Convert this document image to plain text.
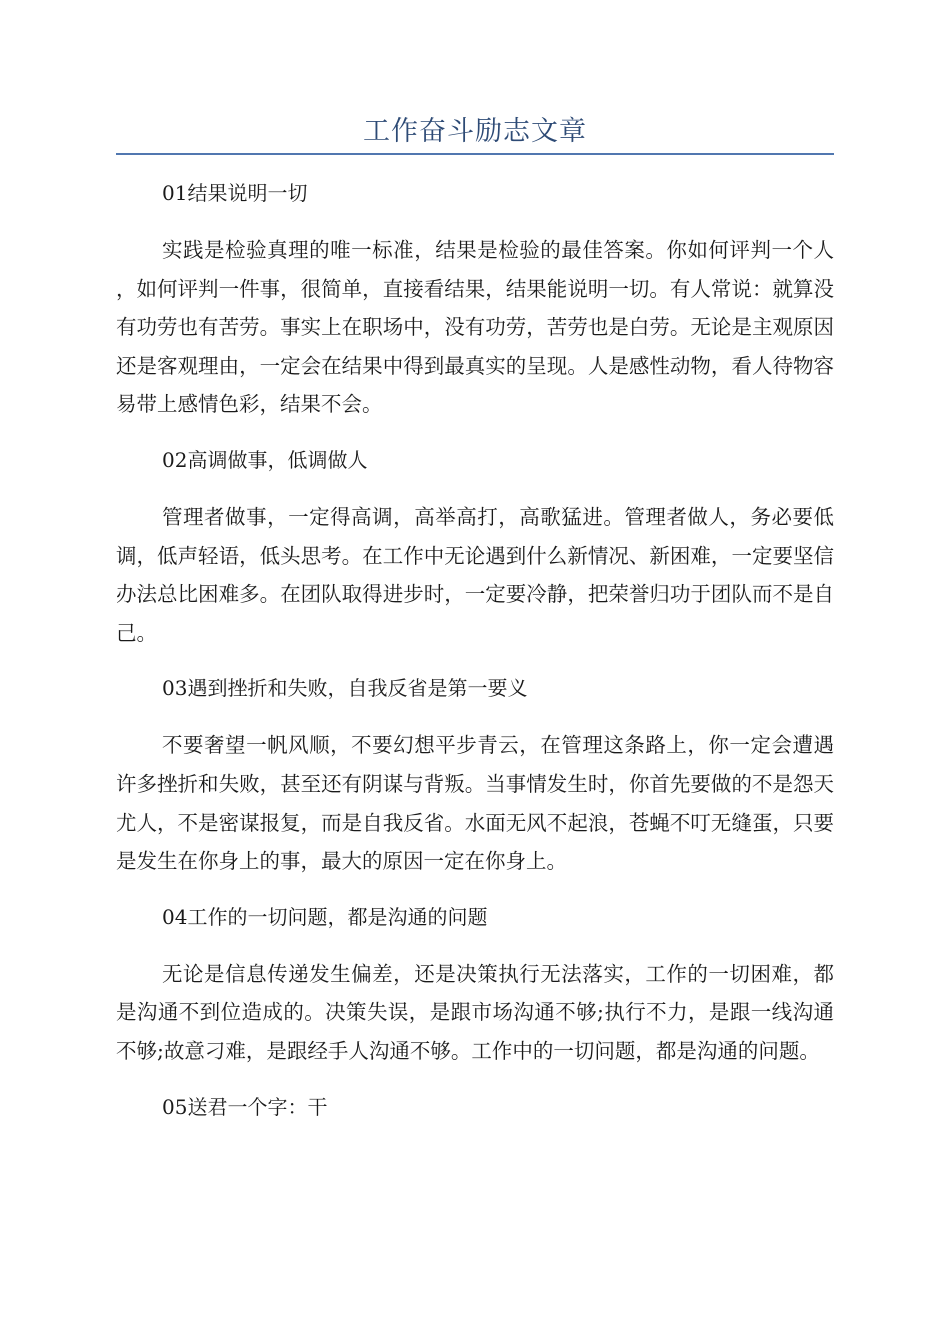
工作奋斗励志文章
01结果说明一切

实践是检验真理的唯一标准，结果是检验的最佳答案。你如何评判一个人，如何评判一件事，很简单，直接看结果，结果能说明一切。有人常说：就算没有功劳也有苦劳。事实上在职场中，没有功劳，苦劳也是白劳。无论是主观原因还是客观理由，一定会在结果中得到最真实的呈现。人是感性动物，看人待物容易带上感情色彩，结果不会。

02高调做事，低调做人

管理者做事，一定得高调，高举高打，高歌猛进。管理者做人，务必要低调，低声轻语，低头思考。在工作中无论遇到什么新情况、新困难，一定要坚信办法总比困难多。在团队取得进步时，一定要冷静，把荣誉归功于团队而不是自己。

03遇到挫折和失败，自我反省是第一要义

不要奢望一帆风顺，不要幻想平步青云，在管理这条路上，你一定会遭遇许多挫折和失败，甚至还有阴谋与背叛。当事情发生时，你首先要做的不是怨天尤人，不是密谋报复，而是自我反省。水面无风不起浪，苍蝇不叮无缝蛋，只要是发生在你身上的事，最大的原因一定在你身上。

04工作的一切问题，都是沟通的问题

无论是信息传递发生偏差，还是决策执行无法落实，工作的一切困难，都是沟通不到位造成的。决策失误，是跟市场沟通不够;执行不力，是跟一线沟通不够;故意刁难，是跟经手人沟通不够。工作中的一切问题，都是沟通的问题。

05送君一个字：干
